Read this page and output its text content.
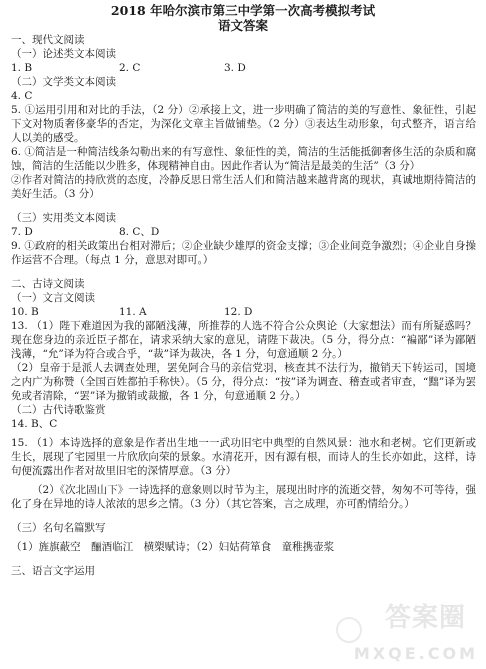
2018 年哈尔滨市第三中学第一次高考模拟考试
语文答案
一、现代文阅读
（一）论述类文本阅读
1. B	2. C	3. D
（二）文学类文本阅读
4. C
5. ①运用引用和对比的手法，（2 分）②承接上文，进一步明确了简洁的美的写意性、象征性，引起下文对物质奢侈豪华的否定，为深化文章主旨做铺垫。（2 分）③表达生动形象，句式整齐，语言给人以美的感受。
6. ①简洁是一种简洁线条勾勒出来的有写意性、象征性的美，简洁的生活能抵御奢侈生活的杂质和腐蚀，简洁的生活能以少胜多，体现精神自由。因此作者认为“简洁是最美的生活”（3 分）
②作者对简洁的持欣赏的态度，冷静反思日常生活人们和简洁越来越背离的现状，真诚地期待简洁的美好生活。（3 分）
（三）实用类文本阅读
7. D	8. C、D
9. ①政府的相关政策出台相对滞后；②企业缺少雄厚的资金支撑；③企业间竞争激烈；④企业自身操作运营不合理。（每点 1 分，意思对即可。）
二、古诗文阅读
（一）文言文阅读
10. B	11. A	12. D
13. （1）陛下难道因为我的鄙陋浅薄，所推荐的人选不符合公众舆论（大家想法）而有所疑惑吗？现在您身边的亲近臣子都在，请求采纳大家的意见，请陛下裁决。（5 分，得分点：“褊鄙”译为鄙陋浅薄，“允”译为符合或合乎，“裁”译为裁决，各 1 分，句意通顺 2 分。）
（2）皇帝于是派人去调查处理，罢免阿合马的亲信党羽，核查其不法行为，撤销天下转运司，国境之内广为称赞（全国百姓都拍手称快）。（5 分，得分点：“按”译为调查、稽查或者审查，“黜”译为罢免或者清除，“罢”译为撤销或裁撤，各 1 分，句意通顺 2 分。）
（二）古代诗歌鉴赏
14. B、C
15. （1）本诗选择的意象是作者出生地一一武功旧宅中典型的自然风景：池水和老树。它们更新或生长，展现了宅园里一片欣欣向荣的景象。水清花开，因有源有根，而诗人的生长亦如此，这样，诗句便流露出作者对故里旧宅的深情厚意。（3 分）
（2）《次北固山下》一诗选择的意象则以时节为主，展现出时序的流逝交替，匆匆不可等待，强化了身在异地的诗人浓浓的思乡之情。（3 分）（其它答案，言之成理，亦可酌情给分。）
（三）名句名篇默写
（1）旌旗蔽空　酾酒临江　横槊赋诗；（2）妇姑荷箪食　童稚携壶浆
三、语言文字运用
答案圈
MXQE.COM
